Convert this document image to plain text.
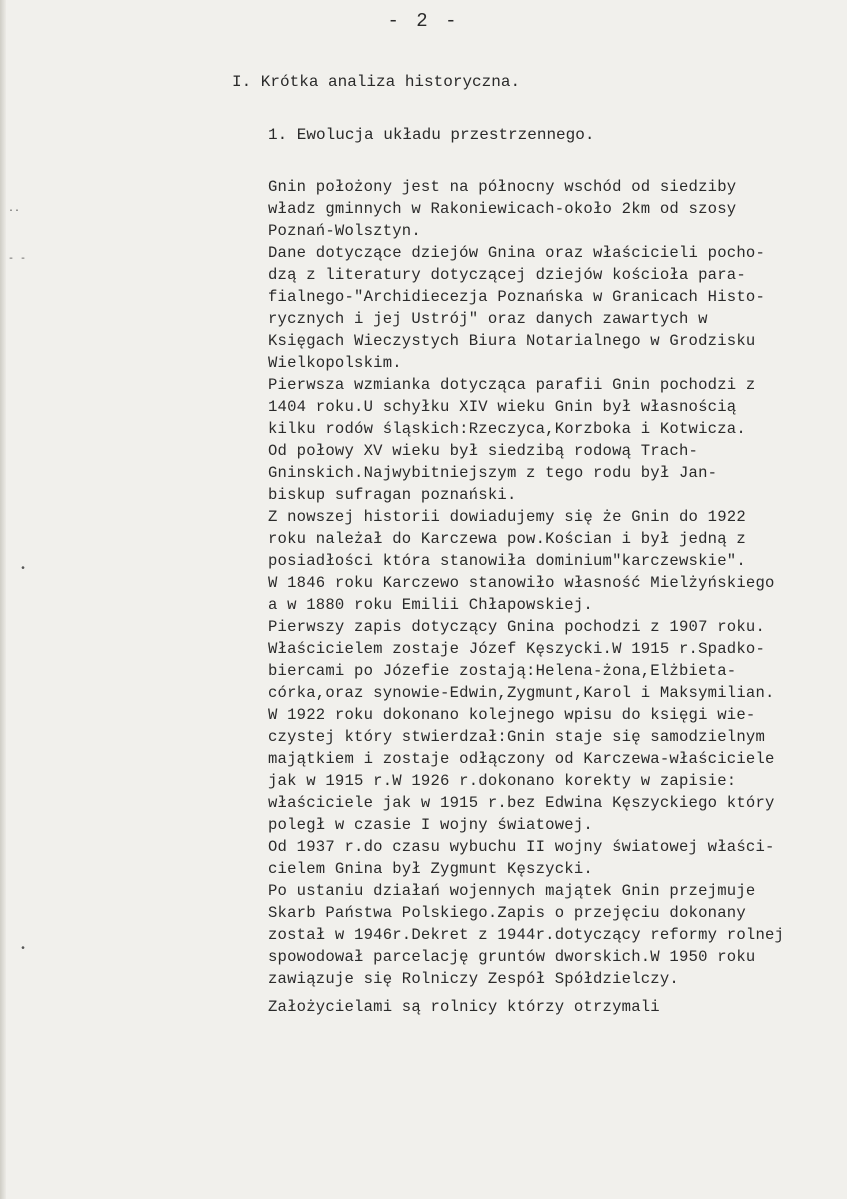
- 2 -
I. Krótka analiza historyczna.
1. Ewolucja układu przestrzennego.
Gnin położony jest na północny wschód od siedziby
władz gminnych w Rakoniewicach-około 2km od szosy
Poznań-Wolsztyn.
Dane dotyczące dziejów Gnina oraz właścicieli pocho-
dzą z literatury dotyczącej dziejów kościoła para-
fialnego-"Archidiecezja Poznańska w Granicach Histo-
rycznych i jej Ustrój" oraz danych zawartych w
Księgach Wieczystych Biura Notarialnego w Grodzisku
Wielkopolskim.
Pierwsza wzmianka dotycząca parafii Gnin pochodzi z
1404 roku.U schyłku XIV wieku Gnin był własnością
kilku rodów śląskich:Rzeczyca,Korzboka i Kotwicza.
Od połowy XV wieku był siedzibą rodową Trach-
Gninskich.Najwybitniejszym z tego rodu był Jan-
biskup sufragan poznański.
Z nowszej historii dowiadujemy się że Gnin do 1922
roku należał do Karczewa pow.Kościan i był jedną z
posiadłości która stanowiła dominium"karczewskie".
W 1846 roku Karczewo stanowiło własność Mielżyńskiego
a w 1880 roku Emilii Chłapowskiej.
Pierwszy zapis dotyczący Gnina pochodzi z 1907 roku.
Właścicielem zostaje Józef Kęszycki.W 1915 r.Spadko-
biercami po Józefie zostają:Helena-żona,Elżbieta-
córka,oraz synowie-Edwin,Zygmunt,Karol i Maksymilian.
W 1922 roku dokonano kolejnego wpisu do księgi wie-
czystej który stwierdzał:Gnin staje się samodzielnym
majątkiem i zostaje odłączony od Karczewa-właściciele
jak w 1915 r.W 1926 r.dokonano korekty w zapisie:
właściciele jak w 1915 r.bez Edwina Kęszyckiego który
poległ w czasie I wojny światowej.
Od 1937 r.do czasu wybuchu II wojny światowej właści-
cielem Gnina był Zygmunt Kęszycki.
Po ustaniu działań wojennych majątek Gnin przejmuje
Skarb Państwa Polskiego.Zapis o przejęciu dokonany
został w 1946r.Dekret z 1944r.dotyczący reformy rolnej
spowodował parcelację gruntów dworskich.W 1950 roku
zawiązuje się Rolniczy Zespół Spółdzielczy.
Założycielami są rolnicy którzy otrzymali
..
- -
•
•
